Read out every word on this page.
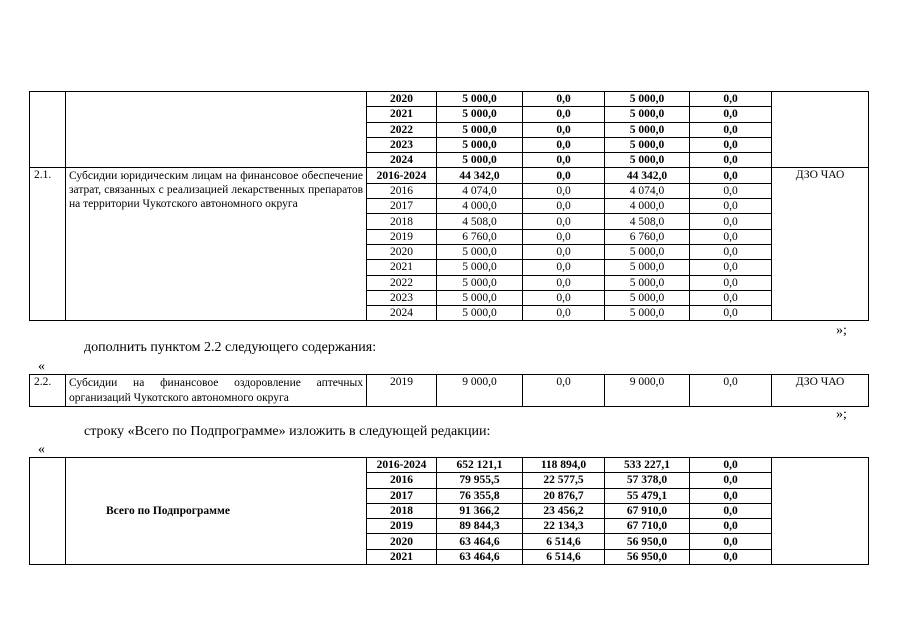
		2020	5 000,0	0,0	5 000,0	0,0	
		2021	5 000,0	0,0	5 000,0	0,0	
		2022	5 000,0	0,0	5 000,0	0,0	
		2023	5 000,0	0,0	5 000,0	0,0	
		2024	5 000,0	0,0	5 000,0	0,0	
2.1.	Субсидии юридическим лицам на финансовое обеспечение затрат, связанных с реализацией лекарственных препаратов на территории Чукотского автономного округа	2016-2024	44 342,0	0,0	44 342,0	0,0	ДЗО ЧАО
		2016	4 074,0	0,0	4 074,0	0,0	
		2017	4 000,0	0,0	4 000,0	0,0	
		2018	4 508,0	0,0	4 508,0	0,0	
		2019	6 760,0	0,0	6 760,0	0,0	
		2020	5 000,0	0,0	5 000,0	0,0	
		2021	5 000,0	0,0	5 000,0	0,0	
		2022	5 000,0	0,0	5 000,0	0,0	
		2023	5 000,0	0,0	5 000,0	0,0	
		2024	5 000,0	0,0	5 000,0	0,0	
»;
дополнить пунктом 2.2 следующего содержания:
«
2.2.	Субсидии на финансовое оздоровление аптечных организаций Чукотского автономного округа	2019	9 000,0	0,0	9 000,0	0,0	ДЗО ЧАО
»;
строку «Всего по Подпрограмме» изложить в следующей редакции:
«
	Всего по Подпрограмме	2016-2024	652 121,1	118 894,0	533 227,1	0,0	
		2016	79 955,5	22 577,5	57 378,0	0,0	
		2017	76 355,8	20 876,7	55 479,1	0,0	
		2018	91 366,2	23 456,2	67 910,0	0,0	
		2019	89 844,3	22 134,3	67 710,0	0,0	
		2020	63 464,6	6 514,6	56 950,0	0,0	
		2021	63 464,6	6 514,6	56 950,0	0,0	
